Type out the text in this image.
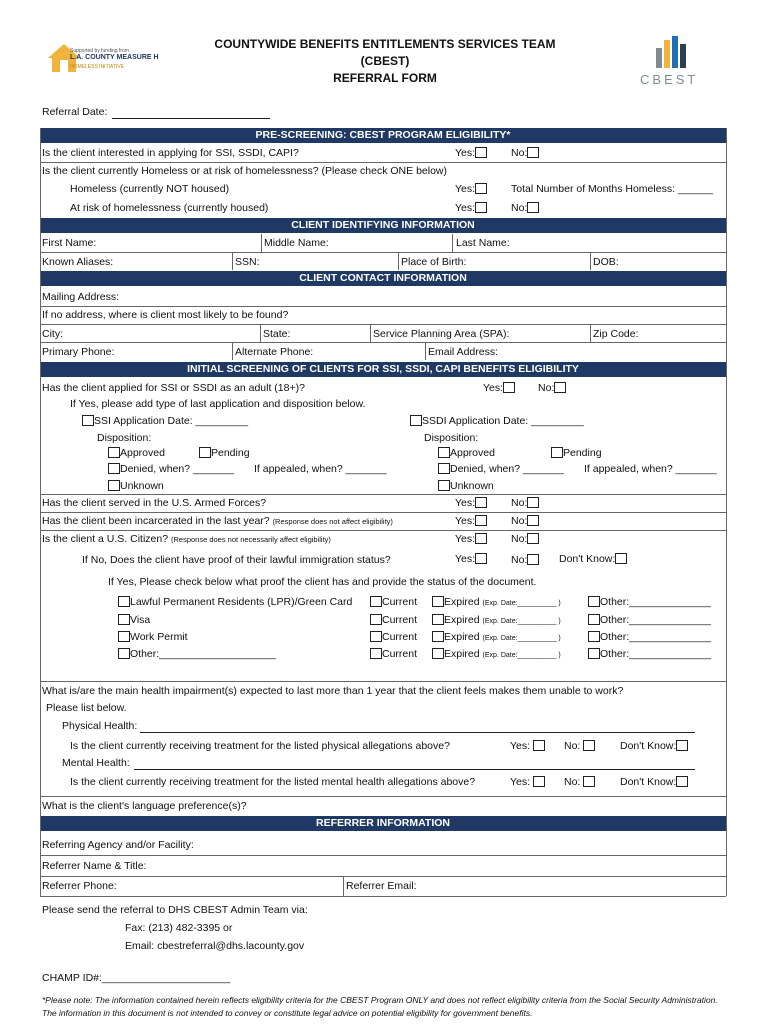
Supported by funding from
L.A. COUNTY MEASURE H
HOMELESS INITIATIVE
COUNTYWIDE BENEFITS ENTITLEMENTS SERVICES TEAM
(CBEST)
REFERRAL FORM	CBEST
Referral Date:
PRE-SCREENING: CBEST PROGRAM ELIGIBILITY*
Is the client interested in applying for SSI, SSDI, CAPI?	Yes:	No:
Is the client currently Homeless or at risk of homelessness? (Please check ONE below)
Homeless (currently NOT housed)	Yes:	Total Number of Months Homeless: ______
At risk of homelessness (currently housed)	Yes:	No:
CLIENT IDENTIFYING INFORMATION
First Name:	Middle Name:	Last Name:
Known Aliases:	SSN:	Place of Birth:	DOB:
CLIENT CONTACT INFORMATION
Mailing Address:
If no address, where is client most likely to be found?
City:	State:	Service Planning Area (SPA):	Zip Code:
Primary Phone:	Alternate Phone:	Email Address:
INITIAL SCREENING OF CLIENTS FOR SSI, SSDI, CAPI BENEFITS ELIGIBILITY
Has the client applied for SSI or SSDI as an adult (18+)?	Yes:	No:
If Yes, please add type of last application and disposition below.
SSI Application Date: _________	SSDI Application Date: _________
Disposition:	Disposition:
Approved	Pending
Denied, when? _______ If appealed, when? _______
Unknown
Approved	Pending
Denied, when? _______ If appealed, when? _______
Unknown
Has the client served in the U.S. Armed Forces?	Yes:	No:
Has the client been incarcerated in the last year? (Response does not affect eligibility)	Yes:	No:
Is the client a U.S. Citizen? (Response does not necessarily affect eligibility)	Yes:	No:
If No, Does the client have proof of their lawful immigration status?	Yes:	No:	Don't Know:
If Yes, Please check below what proof the client has and provide the status of the document.
Lawful Permanent Residents (LPR)/Green Card	Current	Expired (Exp. Date:__________ )	Other:______________
Visa	Current	Expired (Exp. Date:__________ )	Other:______________
Work Permit	Current	Expired (Exp. Date:__________ )	Other:______________
Other:____________________	Current	Expired (Exp. Date:__________ )	Other:______________
What is/are the main health impairment(s) expected to last more than 1 year that the client feels makes them unable to work?
Please list below.
Physical Health:
Is the client currently receiving treatment for the listed physical allegations above?	Yes:	No:	Don't Know:
Mental Health:
Is the client currently receiving treatment for the listed mental health allegations above?	Yes:	No:	Don't Know:
What is the client's language preference(s)?
REFERRER INFORMATION
Referring Agency and/or Facility:
Referrer Name & Title:
Referrer Phone:	Referrer Email:
Please send the referral to DHS CBEST Admin Team via:
Fax: (213) 482-3395 or
Email: cbestreferral@dhs.lacounty.gov
CHAMP ID#:______________________
*Please note: The information contained herein reflects eligibility criteria for the CBEST Program ONLY and does not reflect eligibility criteria from the Social Security Administration. The information in this document is not intended to convey or constitute legal advice on potential eligibility for government benefits.
